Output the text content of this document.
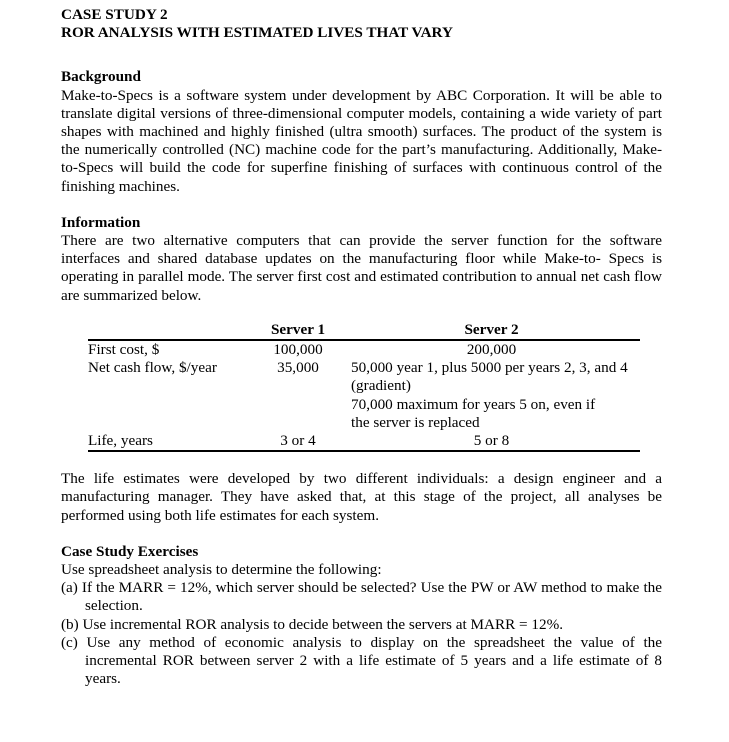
CASE STUDY 2
ROR ANALYSIS WITH ESTIMATED LIVES THAT VARY
Background

Make-to-Specs is a software system under development by ABC Corporation. It will be able to translate digital versions of three-dimensional computer models, containing a wide variety of part shapes with machined and highly finished (ultra smooth) surfaces. The product of the system is the numerically controlled (NC) machine code for the part’s manufacturing. Additionally, Make-to-Specs will build the code for superfine finishing of surfaces with continuous control of the finishing machines.

Information

There are two alternative computers that can provide the server function for the software interfaces and shared database updates on the manufacturing floor while Make-to- Specs is operating in parallel mode. The server first cost and estimated contribution to annual net cash flow are summarized below.

	Server 1	Server 2
First cost, $	100,000	200,000
Net cash flow, $/year	35,000	50,000 year 1, plus 5000 per years 2, 3, and 4 (gradient)
70,000 maximum for years 5 on, even if the server is replaced

Life, years	3 or 4	5 or 8

The life estimates were developed by two different individuals: a design engineer and a manufacturing manager. They have asked that, at this stage of the project, all analyses be performed using both life estimates for each system.

Case Study Exercises

Use spreadsheet analysis to determine the following:

(a) If the MARR = 12%, which server should be selected? Use the PW or AW method to make the selection.
(b) Use incremental ROR analysis to decide between the servers at MARR = 12%.
(c) Use any method of economic analysis to display on the spreadsheet the value of the incremental ROR between server 2 with a life estimate of 5 years and a life estimate of 8 years.
